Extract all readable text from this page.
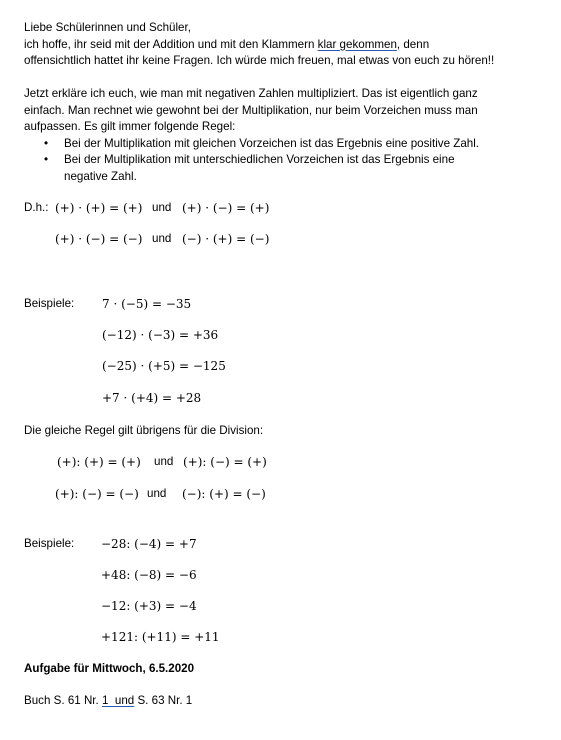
Liebe Schülerinnen und Schüler,

ich hoffe, ihr seid mit der Addition und mit den Klammern klar gekommen, denn

offensichtlich hattet ihr keine Fragen. Ich würde mich freuen, mal etwas von euch zu hören!!

Jetzt erkläre ich euch, wie man mit negativen Zahlen multipliziert. Das ist eigentlich ganz

einfach. Man rechnet wie gewohnt bei der Multiplikation, nur beim Vorzeichen muss man

aufpassen. Es gilt immer folgende Regel:

• Bei der Multiplikation mit gleichen Vorzeichen ist das Ergebnis eine positive Zahl.
• Bei der Multiplikation mit unterschiedlichen Vorzeichen ist das Ergebnis eine
negative Zahl.
D.h.: (+) · (+) = (+) und (+) · (−) = (+)
(+) · (−) = (−) und (−) · (+) = (−)
Beispiele: 7 · (−5) = −35
(−12) · (−3) = +36
(−25) · (+5) = −125
+7 · (+4) = +28
Die gleiche Regel gilt übrigens für die Division:
(+): (+) = (+) und (+): (−) = (+)
(+): (−) = (−) und (−): (+) = (−)
Beispiele: −28: (−4) = +7
+48: (−8) = −6
−12: (+3) = −4
+121: (+11) = +11
Aufgabe für Mittwoch, 6.5.2020
Buch S. 61 Nr. 1  und S. 63 Nr. 1
